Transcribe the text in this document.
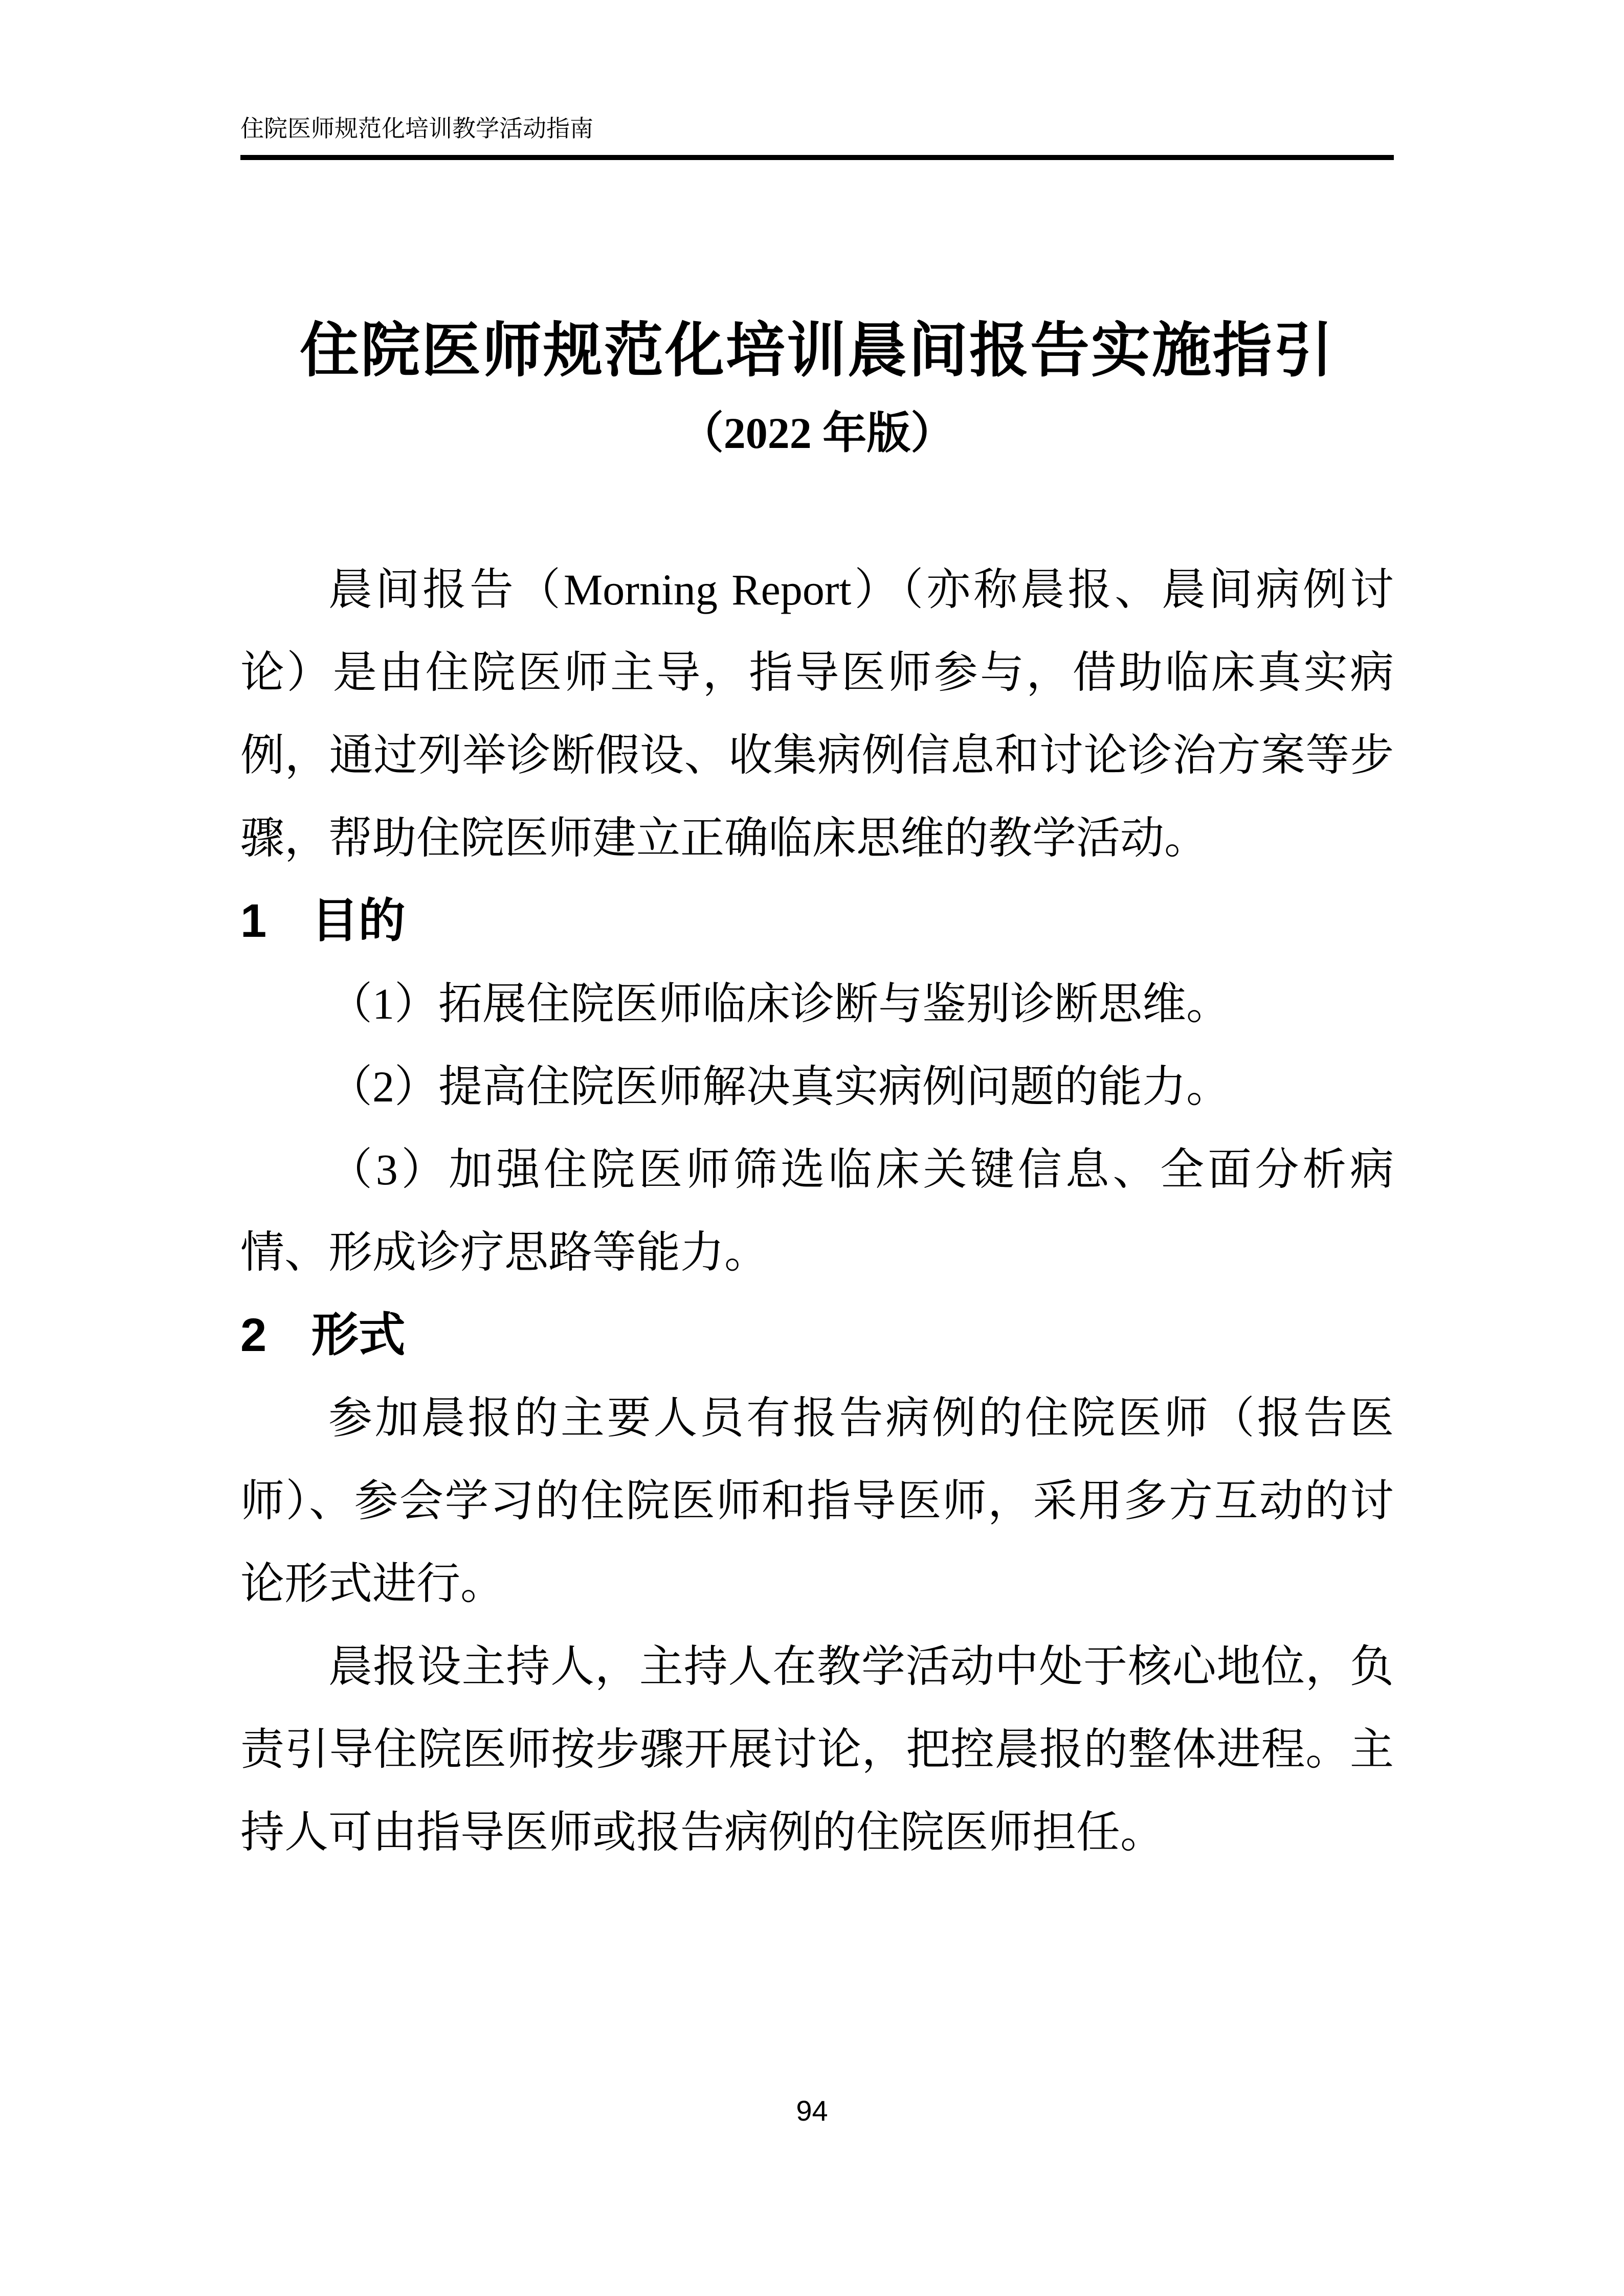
住院医师规范化培训教学活动指南
住院医师规范化培训晨间报告实施指引
（2022 年版）

晨间报告（Morning Report）（亦称晨报、晨间病例讨论）是由住院医师主导，指导医师参与，借助临床真实病例，通过列举诊断假设、收集病例信息和讨论诊治方案等步骤，帮助住院医师建立正确临床思维的教学活动。

1 目的

（1）拓展住院医师临床诊断与鉴别诊断思维。

（2）提高住院医师解决真实病例问题的能力。

（3）加强住院医师筛选临床关键信息、全面分析病情、形成诊疗思路等能力。

2 形式

参加晨报的主要人员有报告病例的住院医师（报告医师）、参会学习的住院医师和指导医师，采用多方互动的讨论形式进行。

晨报设主持人，主持人在教学活动中处于核心地位，负责引导住院医师按步骤开展讨论，把控晨报的整体进程。主持人可由指导医师或报告病例的住院医师担任。

94
